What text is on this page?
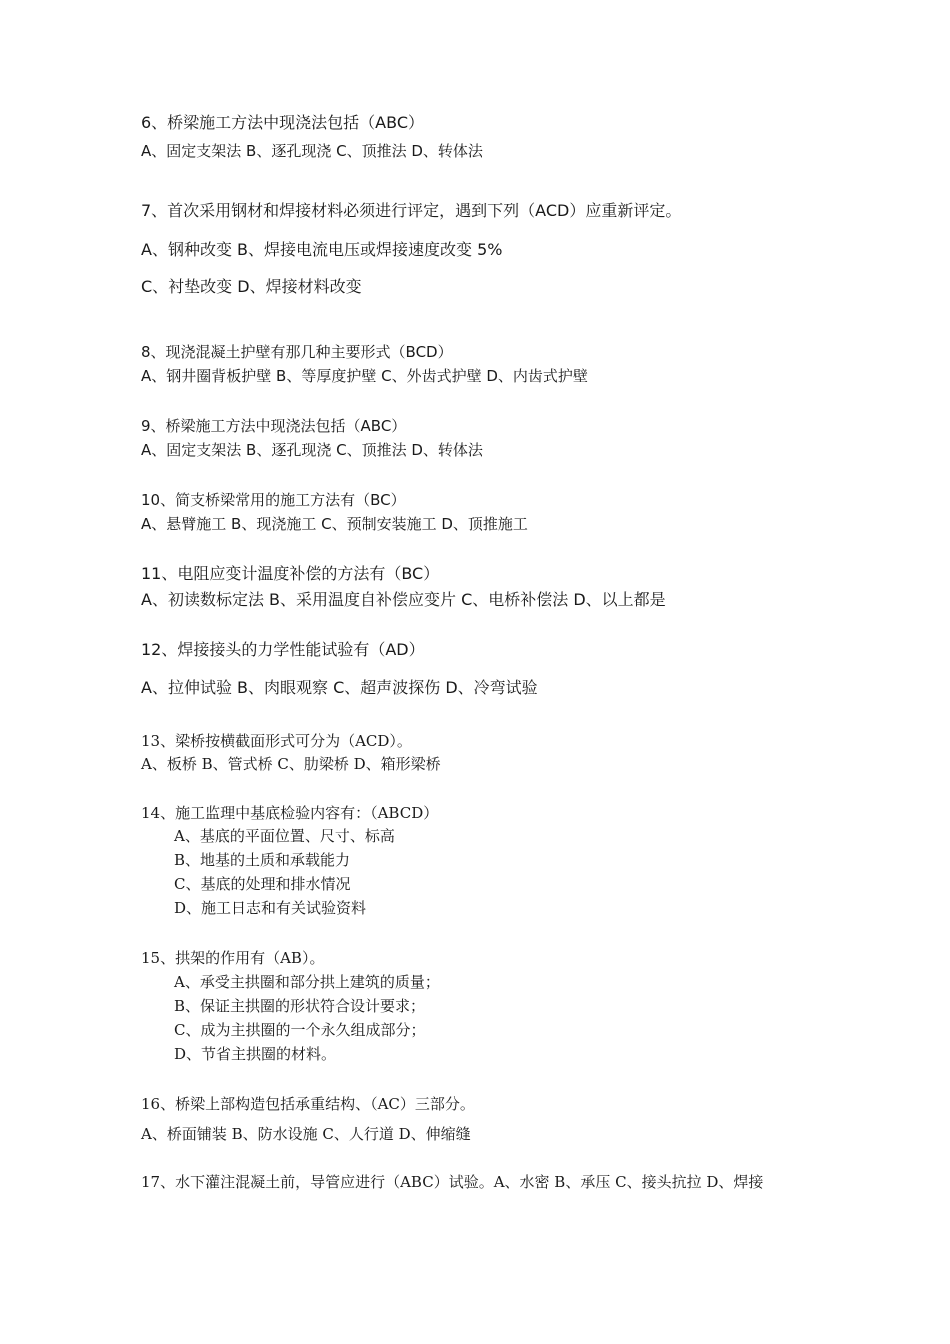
6、桥梁施工方法中现浇法包括（ABC）
A、固定支架法 B、逐孔现浇 C、顶推法 D、转体法
7、首次采用钢材和焊接材料必须进行评定，遇到下列（ACD）应重新评定。
A、钢种改变 B、焊接电流电压或焊接速度改变 5%
C、衬垫改变 D、焊接材料改变
8、现浇混凝土护壁有那几种主要形式（BCD）
A、钢井圈背板护壁 B、等厚度护壁 C、外齿式护壁 D、内齿式护壁
9、桥梁施工方法中现浇法包括（ABC）
A、固定支架法 B、逐孔现浇 C、顶推法 D、转体法
10、简支桥梁常用的施工方法有（BC）
A、悬臂施工 B、现浇施工 C、预制安装施工 D、顶推施工
11、电阻应变计温度补偿的方法有（BC）
A、初读数标定法 B、采用温度自补偿应变片 C、电桥补偿法 D、以上都是
12、焊接接头的力学性能试验有（AD）
A、拉伸试验 B、肉眼观察 C、超声波探伤 D、冷弯试验
13、梁桥按横截面形式可分为（ACD）。
A、板桥 B、管式桥 C、肋梁桥 D、箱形梁桥
14、施工监理中基底检验内容有：（ABCD）
A、基底的平面位置、尺寸、标高
B、地基的土质和承载能力
C、基底的处理和排水情况
D、施工日志和有关试验资料
15、拱架的作用有（AB）。
A、承受主拱圈和部分拱上建筑的质量；
B、保证主拱圈的形状符合设计要求；
C、成为主拱圈的一个永久组成部分；
D、节省主拱圈的材料。
16、桥梁上部构造包括承重结构、（AC）三部分。
A、桥面铺装 B、防水设施 C、人行道 D、伸缩缝
17、水下灌注混凝土前，导管应进行（ABC）试验。A、水密 B、承压 C、接头抗拉 D、焊接
